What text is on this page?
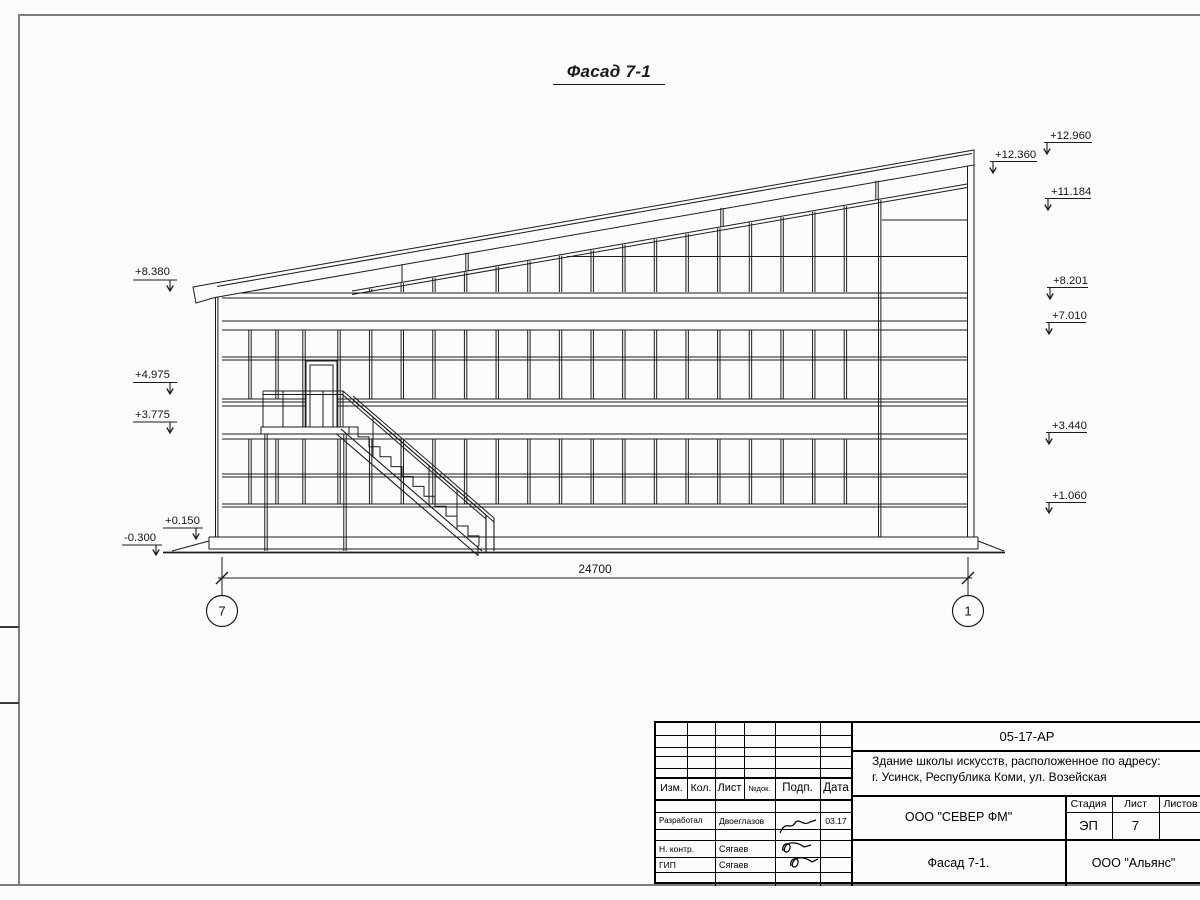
24700
7	1
+8.380
+4.975
+3.775
+0.150
-0.300
+12.960
+12.360
+11.184
+8.201
+7.010
+3.440
+1.060
Фасад 7-1
Изм. Кол. Лист №док.	Подп. Дата
Разработал	Двоеглазов	03.17
Н. контр.	Сягаев
ГИП	Сягаев
05-17-АР
Здание школы искусств, расположенное по адресу:
г. Усинск, Республика Коми, ул. Возейская
ООО "СЕВЕР ФМ"
Стадия	Лист	Листов
ЭП	7
Фасад 7-1.	ООО "Альянс"
